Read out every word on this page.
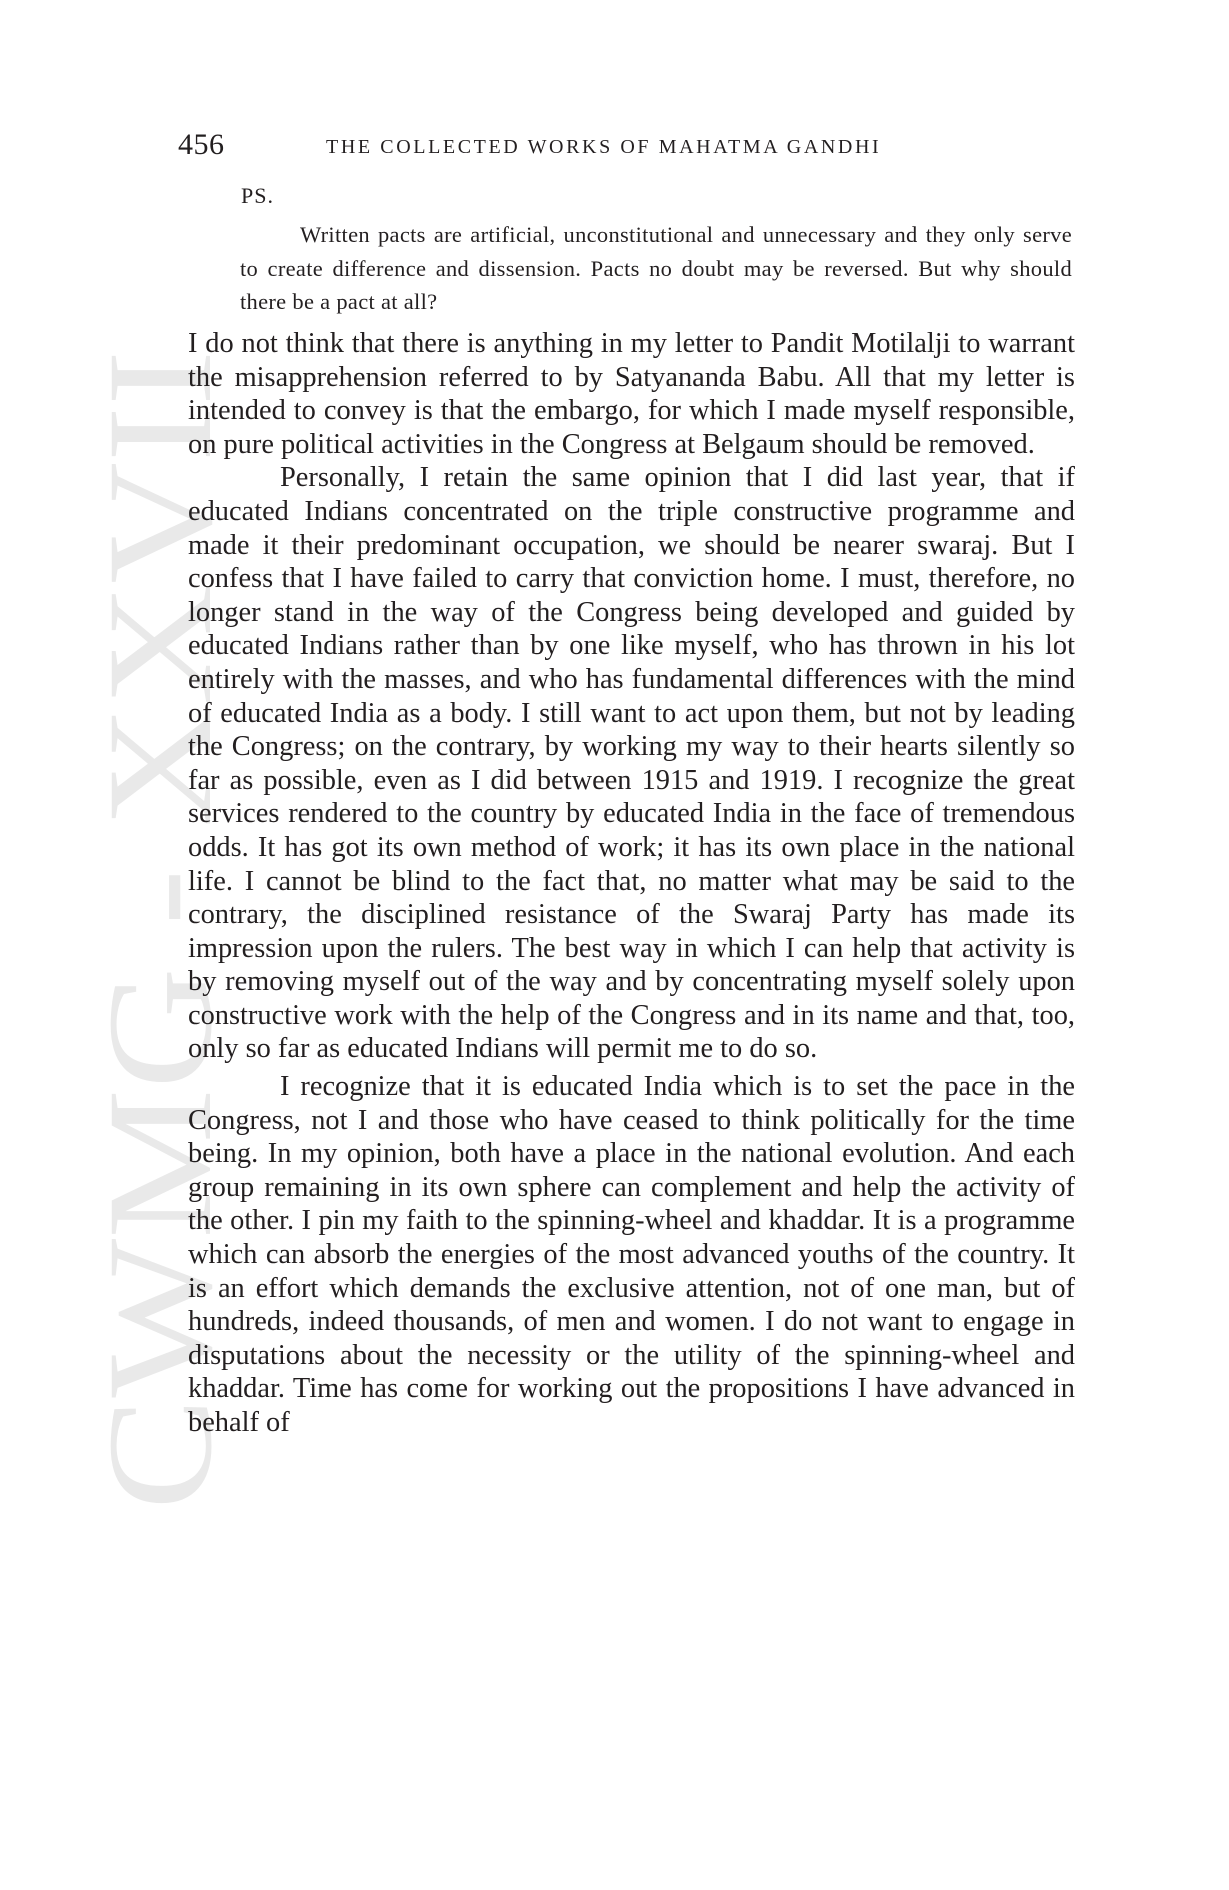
CWMG XXVII
456	THE COLLECTED WORKS OF MAHATMA GANDHI
PS.

Written pacts are artificial, unconstitutional and unnecessary and they only serve to create difference and dissension. Pacts no doubt may be reversed. But why should there be a pact at all?

I do not think that there is anything in my letter to Pandit Motilalji to warrant the misapprehension referred to by Satyananda Babu. All that my letter is intended to convey is that the embargo, for which I made myself responsible, on pure political activities in the Congress at Belgaum should be removed.

Personally, I retain the same opinion that I did last year, that if educated Indians concentrated on the triple constructive programme and made it their predominant occupation, we should be nearer swaraj. But I confess that I have failed to carry that conviction home. I must, therefore, no longer stand in the way of the Congress being developed and guided by educated Indians rather than by one like myself, who has thrown in his lot entirely with the masses, and who has fundamental differences with the mind of educated India as a body. I still want to act upon them, but not by leading the Congress; on the contrary, by working my way to their hearts silently so far as possible, even as I did between 1915 and 1919. I recognize the great services rendered to the country by educated India in the face of tremendous odds. It has got its own method of work; it has its own place in the national life. I cannot be blind to the fact that, no matter what may be said to the contrary, the disciplined resistance of the Swaraj Party has made its impression upon the rulers. The best way in which I can help that activity is by removing myself out of the way and by concentrating myself solely upon constructive work with the help of the Congress and in its name and that, too, only so far as educated Indians will permit me to do so.

I recognize that it is educated India which is to set the pace in the Congress, not I and those who have ceased to think politically for the time being. In my opinion, both have a place in the national evolution. And each group remaining in its own sphere can complement and help the activity of the other. I pin my faith to the spinning-wheel and khaddar. It is a programme which can absorb the energies of the most advanced youths of the country. It is an effort which demands the exclusive attention, not of one man, but of hundreds, indeed thousands, of men and women. I do not want to engage in disputations about the necessity or the utility of the spinning-wheel and khaddar. Time has come for working out the propositions I have advanced in behalf of
